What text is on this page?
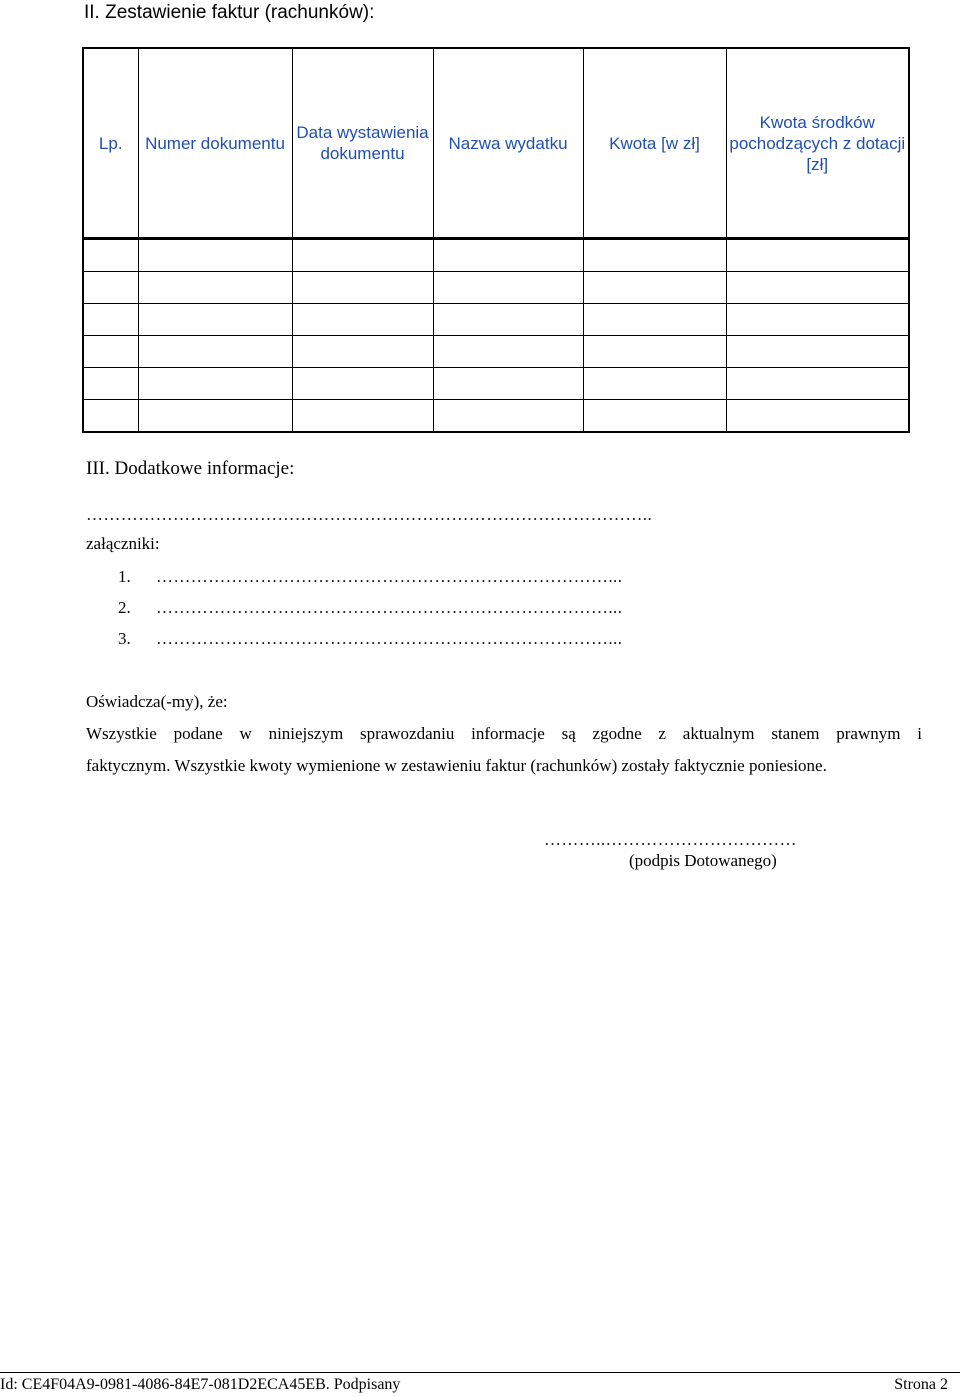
II. Zestawienie faktur (rachunków):
Lp.	Numer dokumentu	Data wystawienia dokumentu	Nazwa wydatku	Kwota [w zł]	Kwota środków pochodzących z dotacji [zł]

III. Dodatkowe informacje:
……………………………………………………………………………………..
załączniki:
1. ……………………………………………………………………...
2. ……………………………………………………………………...
3. ……………………………………………………………………...
Oświadcza(-my), że:
Wszystkie podane w niniejszym sprawozdaniu informacje są zgodne z aktualnym stanem prawnym i
faktycznym. Wszystkie kwoty wymienione w zestawieniu faktur (rachunków) zostały faktycznie poniesione.
………..……………………………
(podpis Dotowanego)
Id: CE4F04A9-0981-4086-84E7-081D2ECA45EB. Podpisany	Strona 2
